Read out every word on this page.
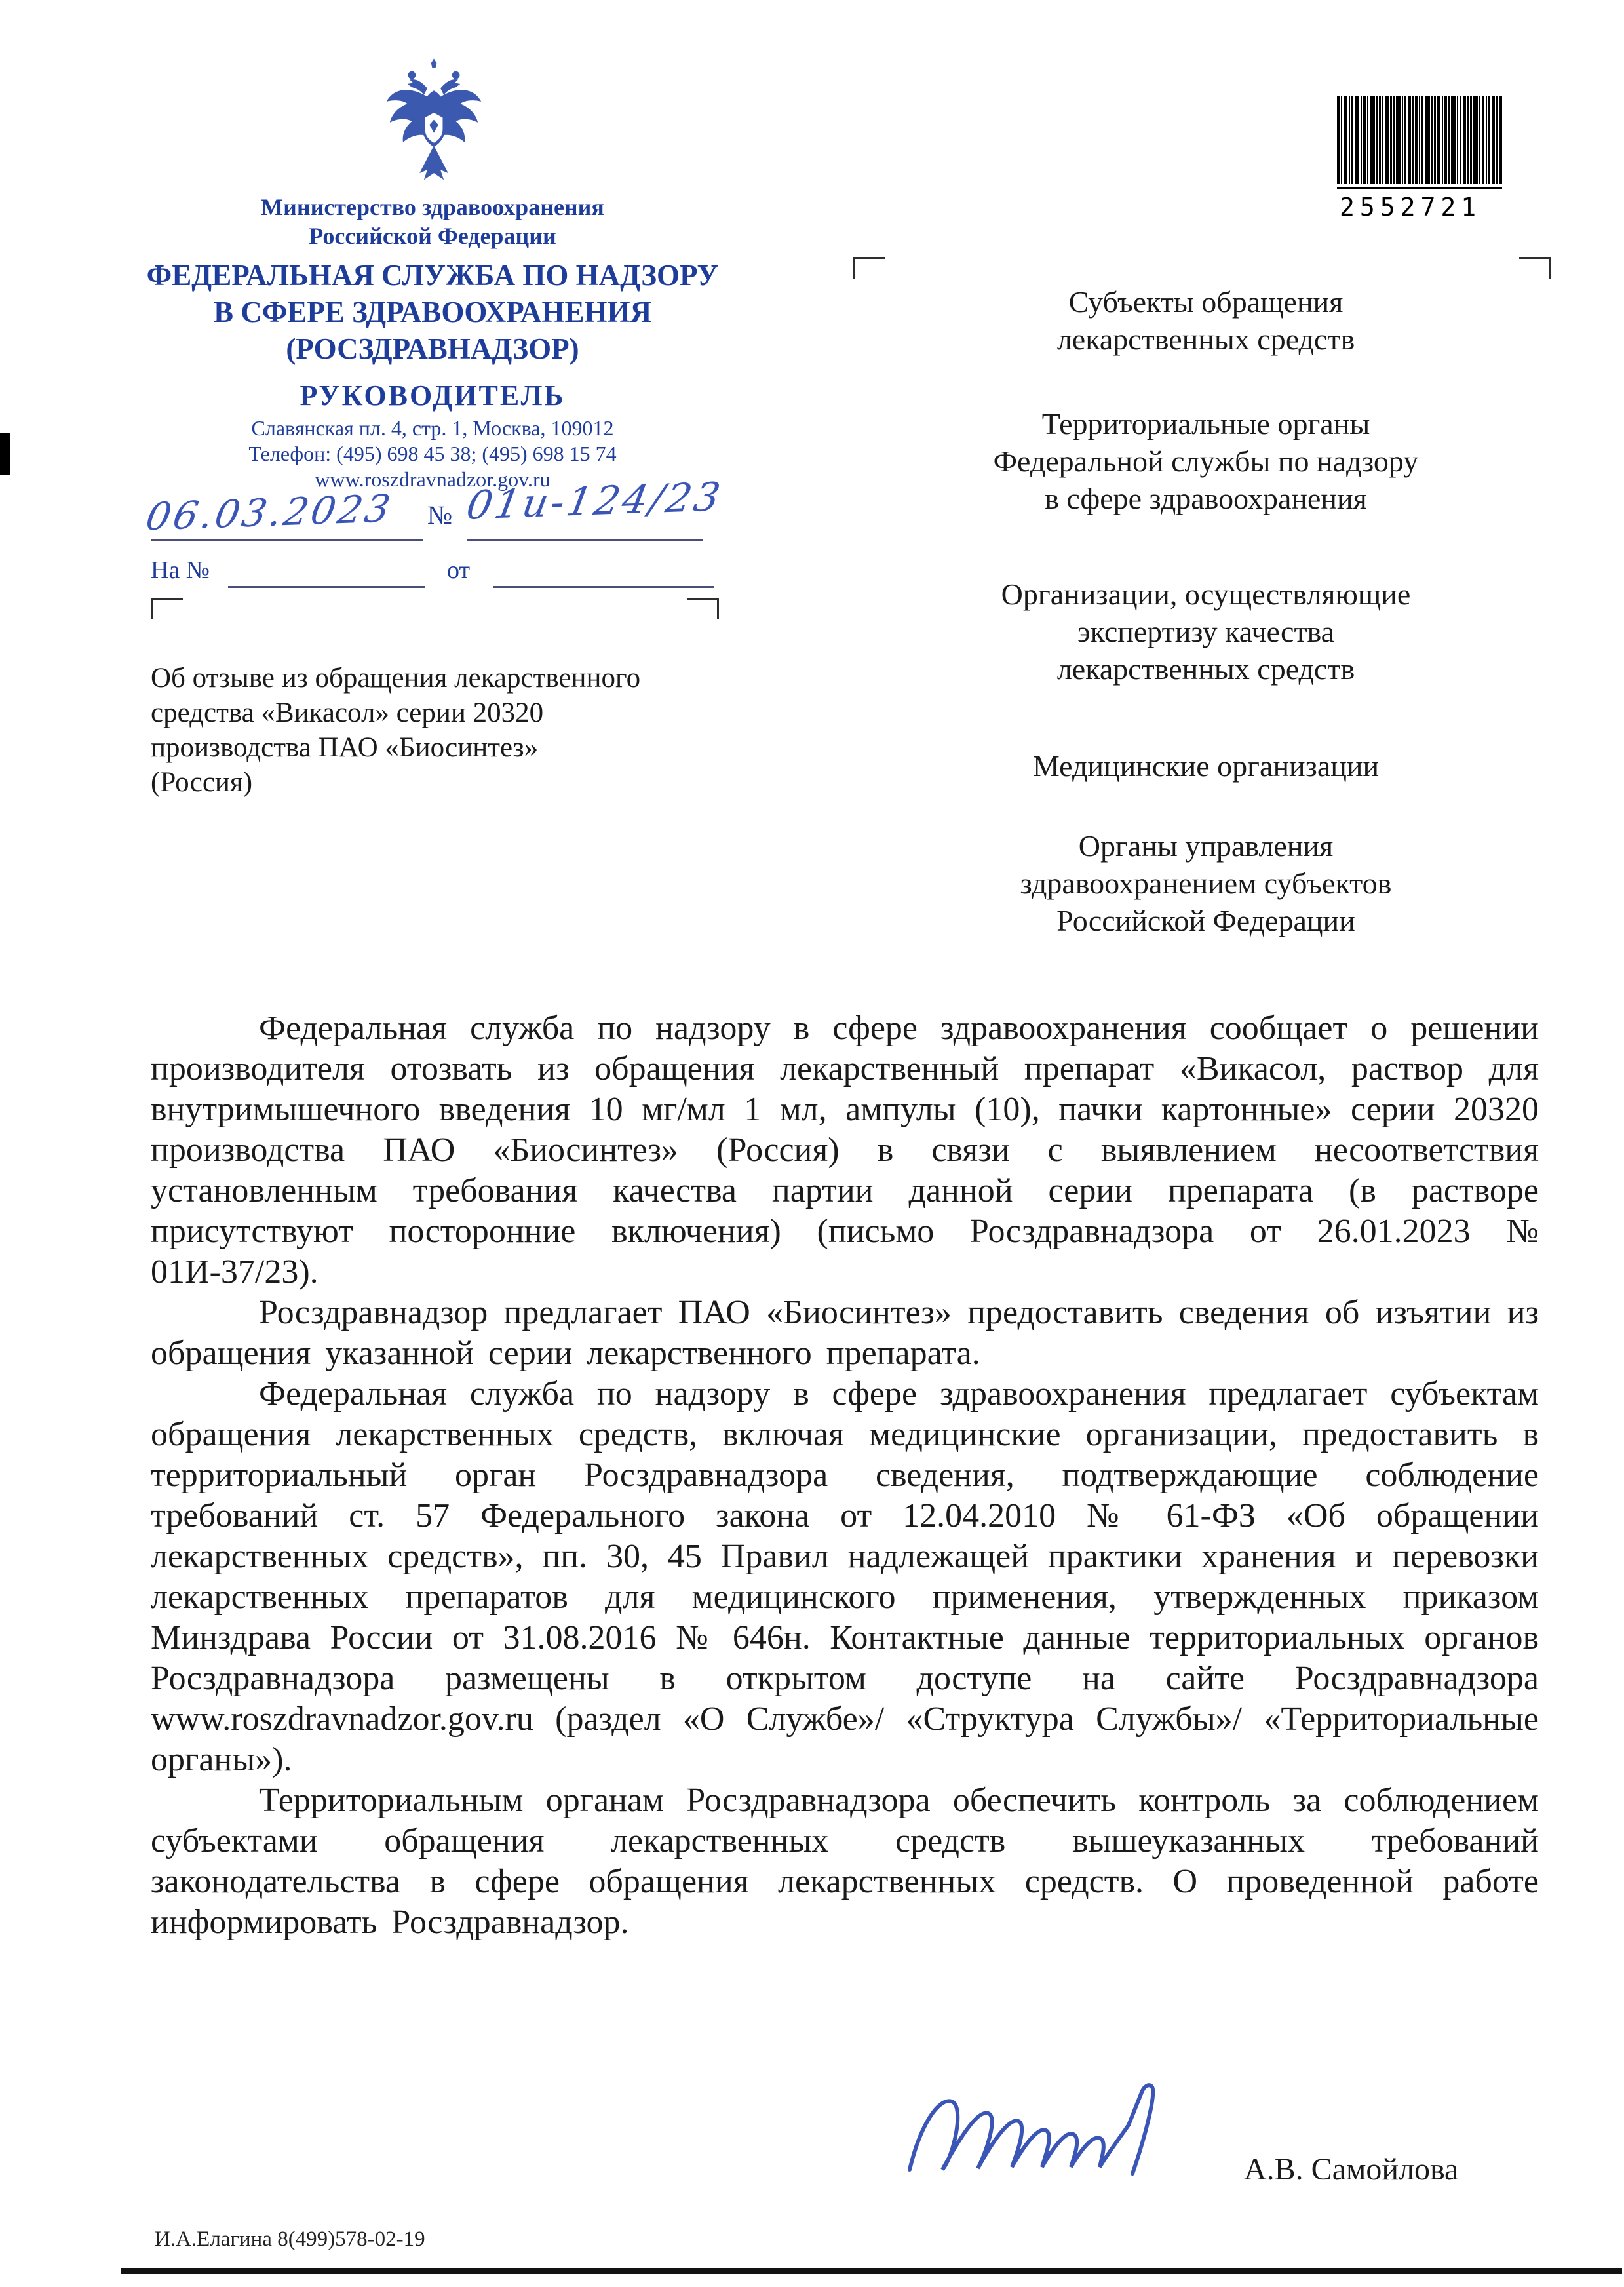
Министерство здравоохранения
Российской Федерации
ФЕДЕРАЛЬНАЯ СЛУЖБА ПО НАДЗОРУ
В СФЕРЕ ЗДРАВООХРАНЕНИЯ
(РОСЗДРАВНАДЗОР)
РУКОВОДИТЕЛЬ
Славянская пл. 4, стр. 1, Москва, 109012
Телефон: (495) 698 45 38; (495) 698 15 74
www.roszdravnadzor.gov.ru
06.03.2023 № 01и-124/23
На №	от
Об отзыве из обращения лекарственного
средства «Викасол» серии 20320
производства ПАО «Биосинтез»
(Россия)
Субъекты обращения
лекарственных средств
Территориальные органы
Федеральной службы по надзору
в сфере здравоохранения
Организации, осуществляющие
экспертизу качества
лекарственных средств
Медицинские организации
Органы управления
здравоохранением субъектов
Российской Федерации
2552721

Федеральная служба по надзору в сфере здравоохранения сообщает о решении производителя отозвать из обращения лекарственный препарат «Викасол, раствор для внутримышечного введения 10 мг/мл 1 мл, ампулы (10), пачки картонные» серии 20320 производства ПАО «Биосинтез» (Россия) в связи с выявлением несоответствия установленным требования качества партии данной серии препарата (в растворе присутствуют посторонние включения) (письмо Росздравнадзора от 26.01.2023 № 01И-37/23).

Росздравнадзор предлагает ПАО «Биосинтез» предоставить сведения об изъятии из обращения указанной серии лекарственного препарата.

Федеральная служба по надзору в сфере здравоохранения предлагает субъектам обращения лекарственных средств, включая медицинские организации, предоставить в территориальный орган Росздравнадзора сведения, подтверждающие соблюдение требований ст. 57 Федерального закона от 12.04.2010 № 61-ФЗ «Об обращении лекарственных средств», пп. 30, 45 Правил надлежащей практики хранения и перевозки лекарственных препаратов для медицинского применения, утвержденных приказом Минздрава России от 31.08.2016 № 646н. Контактные данные территориальных органов Росздравнадзора размещены в открытом доступе на сайте Росздравнадзора www.roszdravnadzor.gov.ru (раздел «О Службе»/ «Структура Службы»/ «Территориальные органы»).

Территориальным органам Росздравнадзора обеспечить контроль за соблюдением субъектами обращения лекарственных средств вышеуказанных требований законодательства в сфере обращения лекарственных средств. О проведенной работе информировать Росздравнадзор.

А.В. Самойлова
И.А.Елагина 8(499)578-02-19
